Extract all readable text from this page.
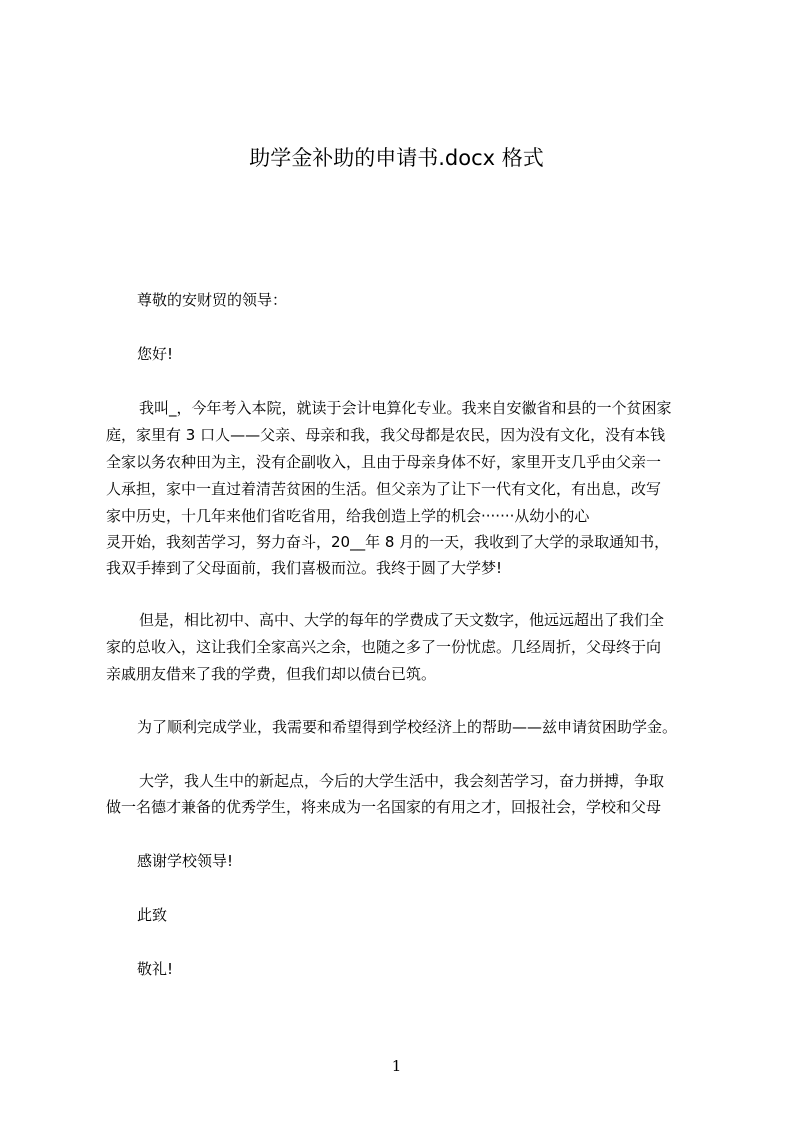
助学金补助的申请书.docx 格式

尊敬的安财贸的领导：

您好!

我叫_，今年考入本院，就读于会计电算化专业。我来自安徽省和县的一个贫困家

庭，家里有 3 口人——父亲、母亲和我，我父母都是农民，因为没有文化，没有本钱

全家以务农种田为主，没有企副收入，且由于母亲身体不好，家里开支几乎由父亲一

人承担，家中一直过着清苦贫困的生活。但父亲为了让下一代有文化，有出息，改写

家中历史，十几年来他们省吃省用，给我创造上学的机会·······从幼小的心

灵开始，我刻苦学习，努力奋斗，20__年 8 月的一天，我收到了大学的录取通知书，

我双手捧到了父母面前，我们喜极而泣。我终于圆了大学梦!

但是，相比初中、高中、大学的每年的学费成了天文数字，他远远超出了我们全

家的总收入，这让我们全家高兴之余，也随之多了一份忧虑。几经周折，父母终于向

亲戚朋友借来了我的学费，但我们却以债台已筑。

为了顺利完成学业，我需要和希望得到学校经济上的帮助——兹申请贫困助学金。

大学，我人生中的新起点，今后的大学生活中，我会刻苦学习，奋力拼搏，争取

做一名德才兼备的优秀学生，将来成为一名国家的有用之才，回报社会，学校和父母

感谢学校领导!

此致

敬礼!

1
